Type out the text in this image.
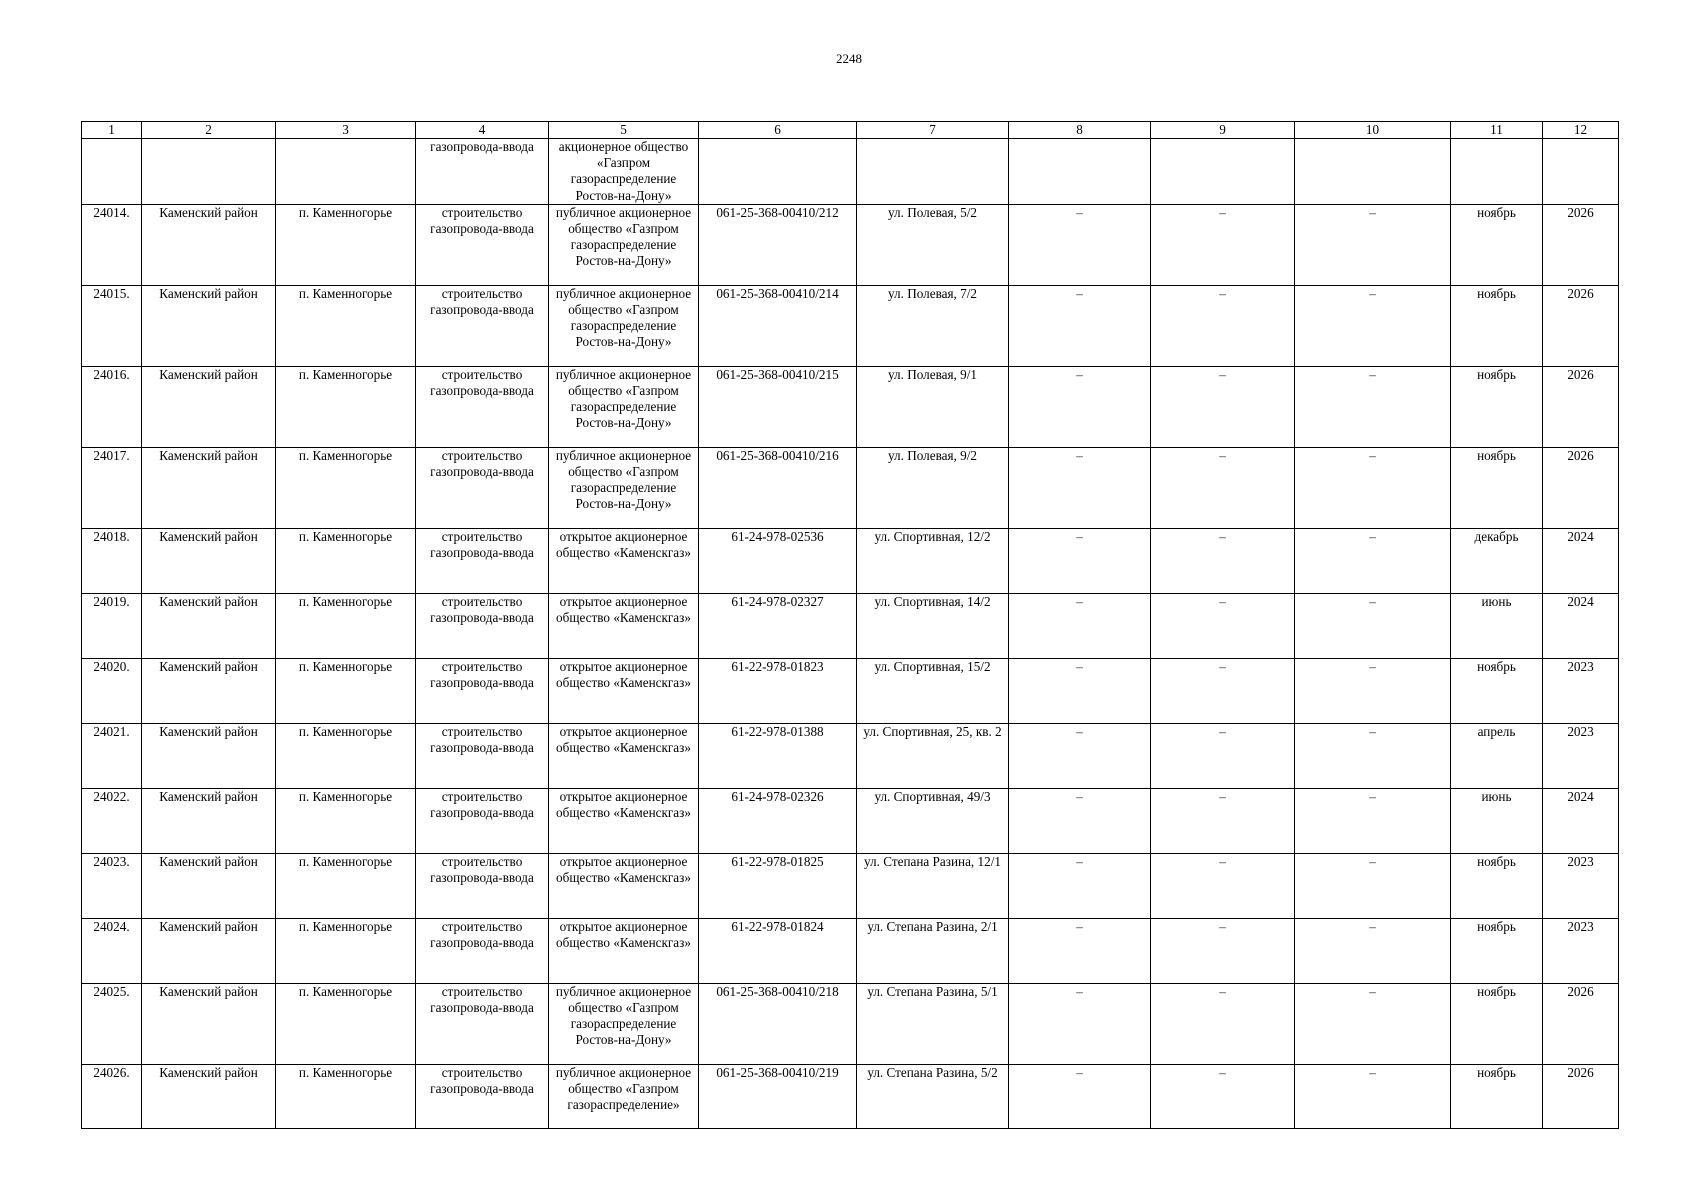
2248
1	2	3	4	5	6	7	8	9	10	11	12
			газопровода-ввода	акционерное общество «Газпром газораспределение Ростов-на-Дону»							
24014.	Каменский район	п. Каменногорье	строительство газопровода-ввода	публичное акционерное общество «Газпром газораспределение Ростов-на-Дону»	061-25-368-00410/212	ул. Полевая, 5/2	–	–	–	ноябрь	2026
24015.	Каменский район	п. Каменногорье	строительство газопровода-ввода	публичное акционерное общество «Газпром газораспределение Ростов-на-Дону»	061-25-368-00410/214	ул. Полевая, 7/2	–	–	–	ноябрь	2026
24016.	Каменский район	п. Каменногорье	строительство газопровода-ввода	публичное акционерное общество «Газпром газораспределение Ростов-на-Дону»	061-25-368-00410/215	ул. Полевая, 9/1	–	–	–	ноябрь	2026
24017.	Каменский район	п. Каменногорье	строительство газопровода-ввода	публичное акционерное общество «Газпром газораспределение Ростов-на-Дону»	061-25-368-00410/216	ул. Полевая, 9/2	–	–	–	ноябрь	2026
24018.	Каменский район	п. Каменногорье	строительство газопровода-ввода	открытое акционерное общество «Каменскгаз»	61-24-978-02536	ул. Спортивная, 12/2	–	–	–	декабрь	2024
24019.	Каменский район	п. Каменногорье	строительство газопровода-ввода	открытое акционерное общество «Каменскгаз»	61-24-978-02327	ул. Спортивная, 14/2	–	–	–	июнь	2024
24020.	Каменский район	п. Каменногорье	строительство газопровода-ввода	открытое акционерное общество «Каменскгаз»	61-22-978-01823	ул. Спортивная, 15/2	–	–	–	ноябрь	2023
24021.	Каменский район	п. Каменногорье	строительство газопровода-ввода	открытое акционерное общество «Каменскгаз»	61-22-978-01388	ул. Спортивная, 25, кв. 2	–	–	–	апрель	2023
24022.	Каменский район	п. Каменногорье	строительство газопровода-ввода	открытое акционерное общество «Каменскгаз»	61-24-978-02326	ул. Спортивная, 49/3	–	–	–	июнь	2024
24023.	Каменский район	п. Каменногорье	строительство газопровода-ввода	открытое акционерное общество «Каменскгаз»	61-22-978-01825	ул. Степана Разина, 12/1	–	–	–	ноябрь	2023
24024.	Каменский район	п. Каменногорье	строительство газопровода-ввода	открытое акционерное общество «Каменскгаз»	61-22-978-01824	ул. Степана Разина, 2/1	–	–	–	ноябрь	2023
24025.	Каменский район	п. Каменногорье	строительство газопровода-ввода	публичное акционерное общество «Газпром газораспределение Ростов-на-Дону»	061-25-368-00410/218	ул. Степана Разина, 5/1	–	–	–	ноябрь	2026
24026.	Каменский район	п. Каменногорье	строительство газопровода-ввода	публичное акционерное общество «Газпром газораспределение»	061-25-368-00410/219	ул. Степана Разина, 5/2	–	–	–	ноябрь	2026
